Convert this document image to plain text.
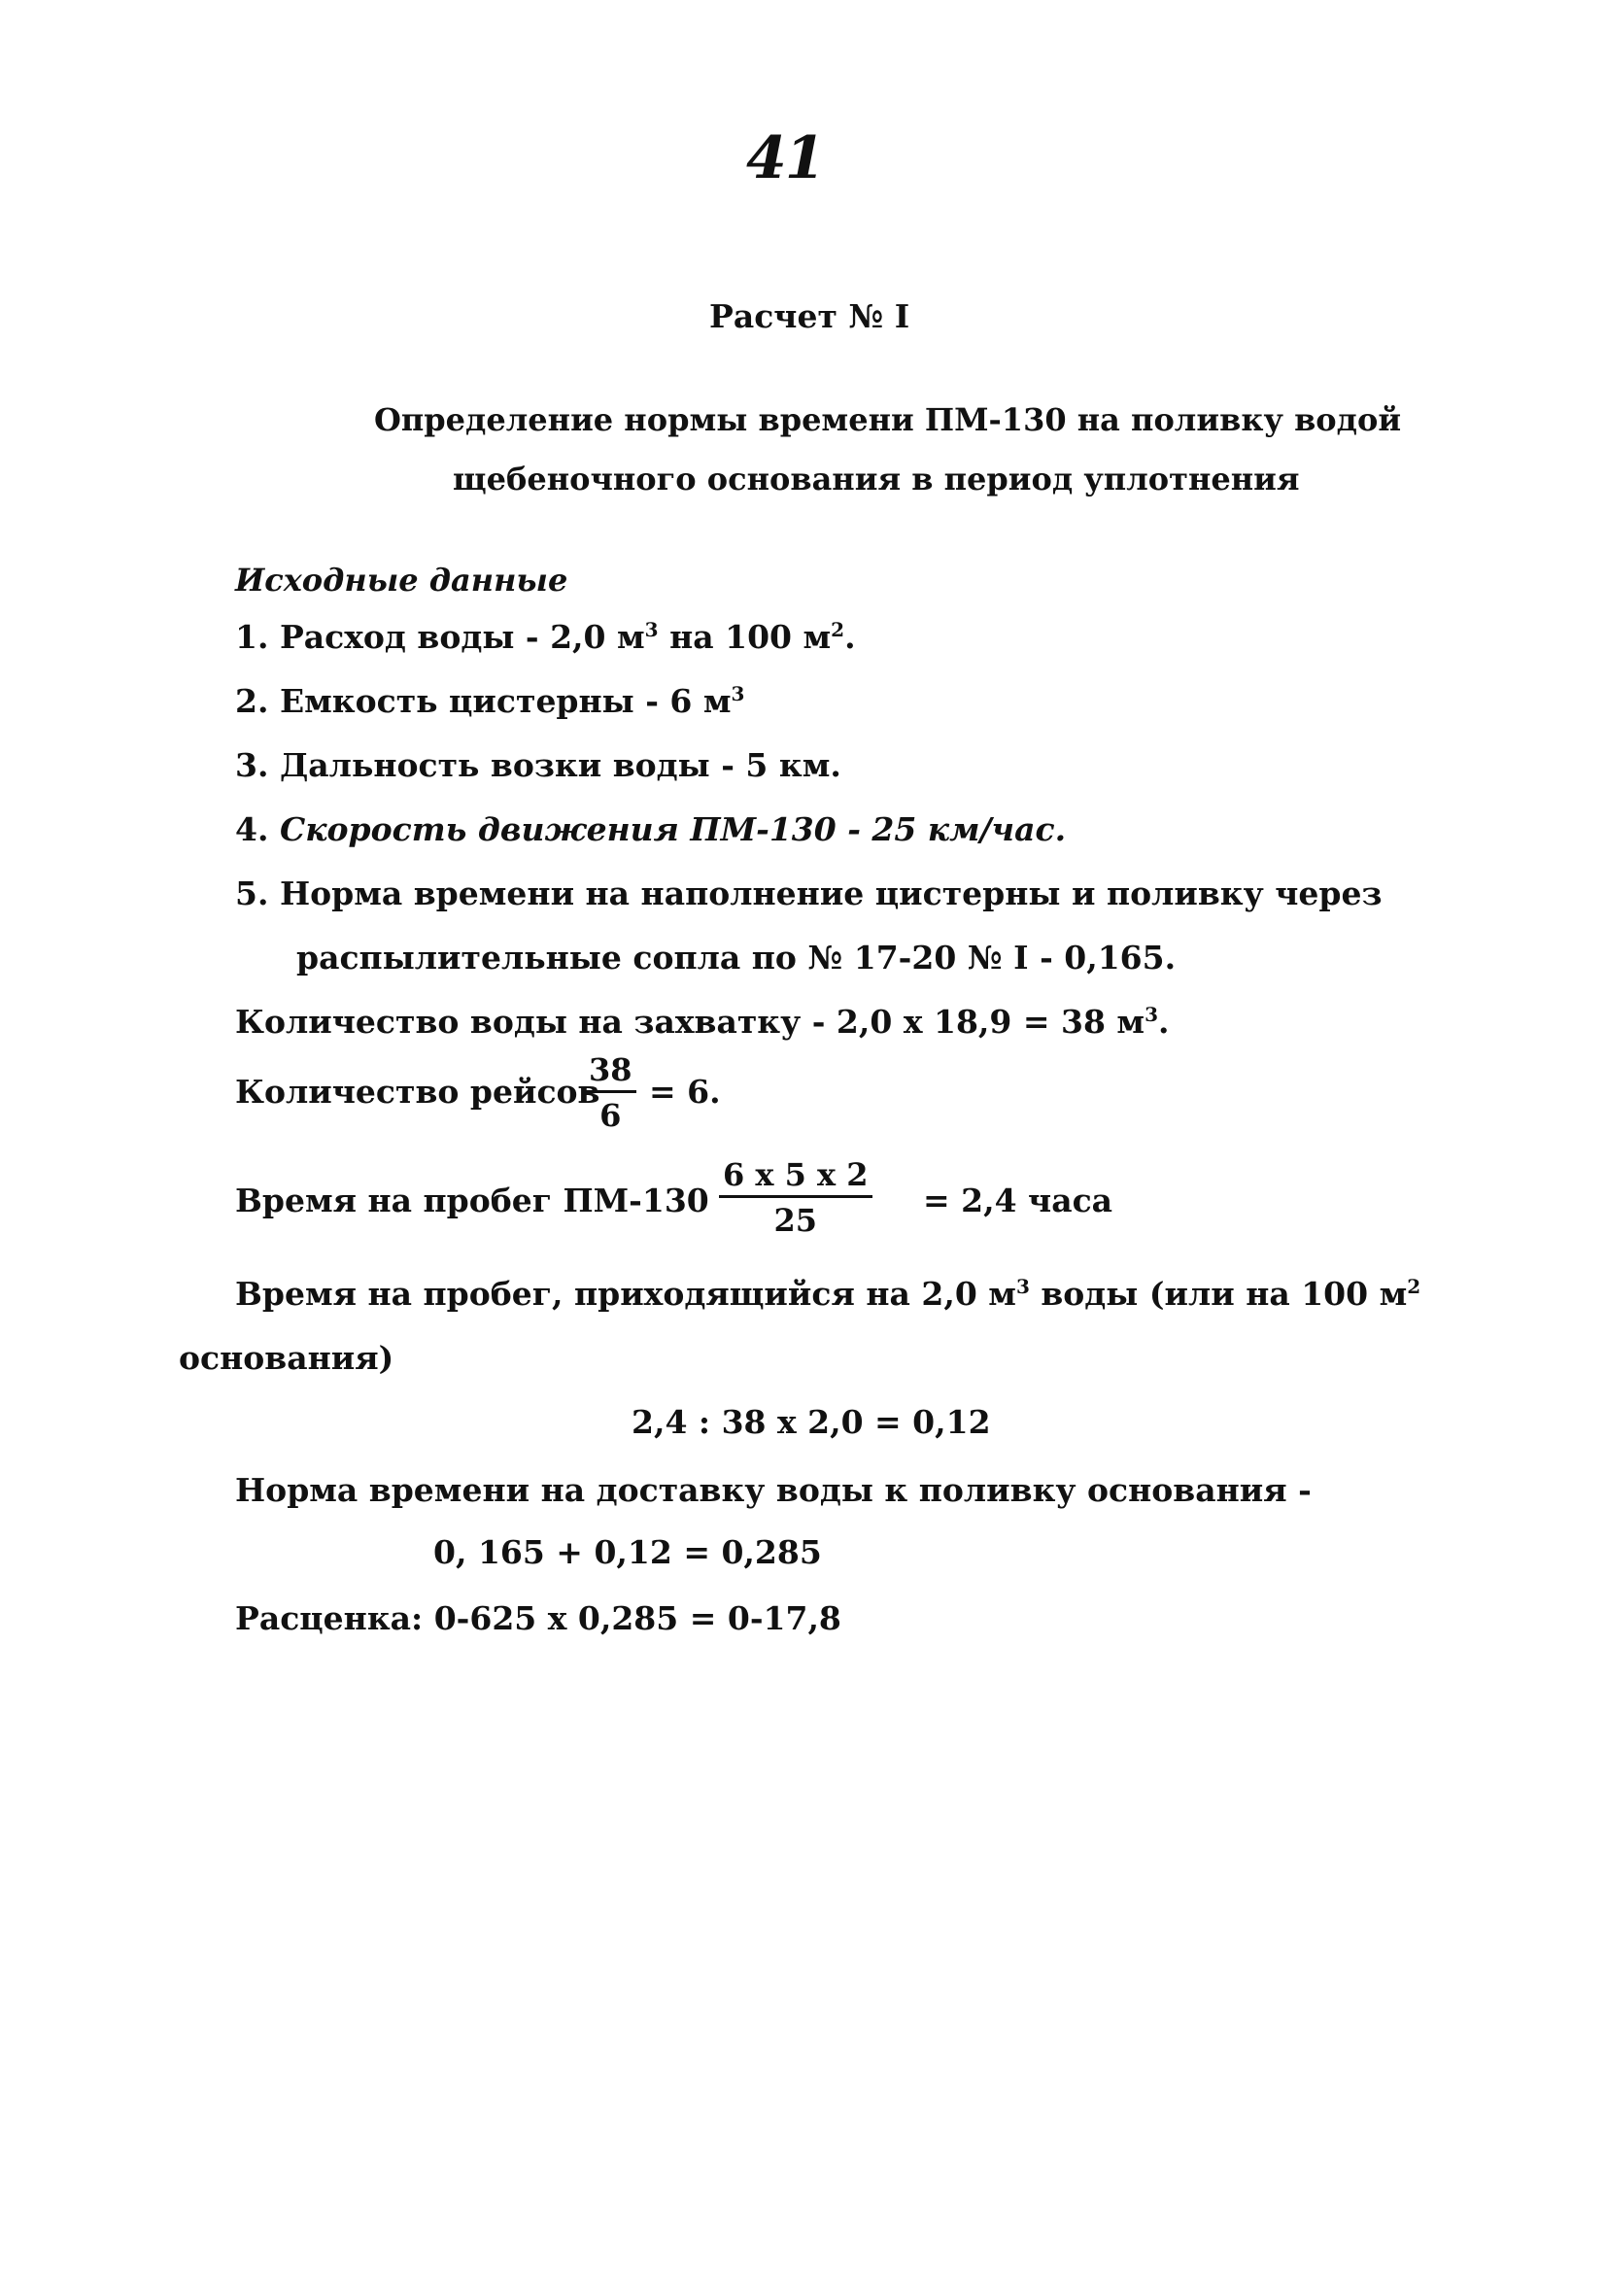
41
Расчет № I
Определение нормы времени ПМ-130 на поливку водой
щебеночного основания в период уплотнения
Исходные данные
1. Расход воды - 2,0 $м^3$ на 100 $м^2$.
2. Емкость цистерны - 6 $м^3$
3. Дальность возки воды - 5 км.
4. Скорость движения ПМ-130 - 25 км/час.
5. Норма времени на наполнение цистерны и поливку через
распылительные сопла по № 17-20 № I - 0,165.
Количество воды на захватку - 2,0 х 18,9 = 38 $м^3$.
Количество рейсов
$\frac{38}{6} = 6$.
Время на пробег ПМ-130
6 х 5 х 2
25
= 2,4 часа
Время на пробег, приходящийся на 2,0 $м^3$ воды (или на 100 $м^2$
основания)
2,4 : 38 х 2,0 = 0,12
Норма времени на доставку воды к поливку основания -
0, 165 + 0,12 = 0,285
Расценка: 0-625 х 0,285 = 0-17,8
